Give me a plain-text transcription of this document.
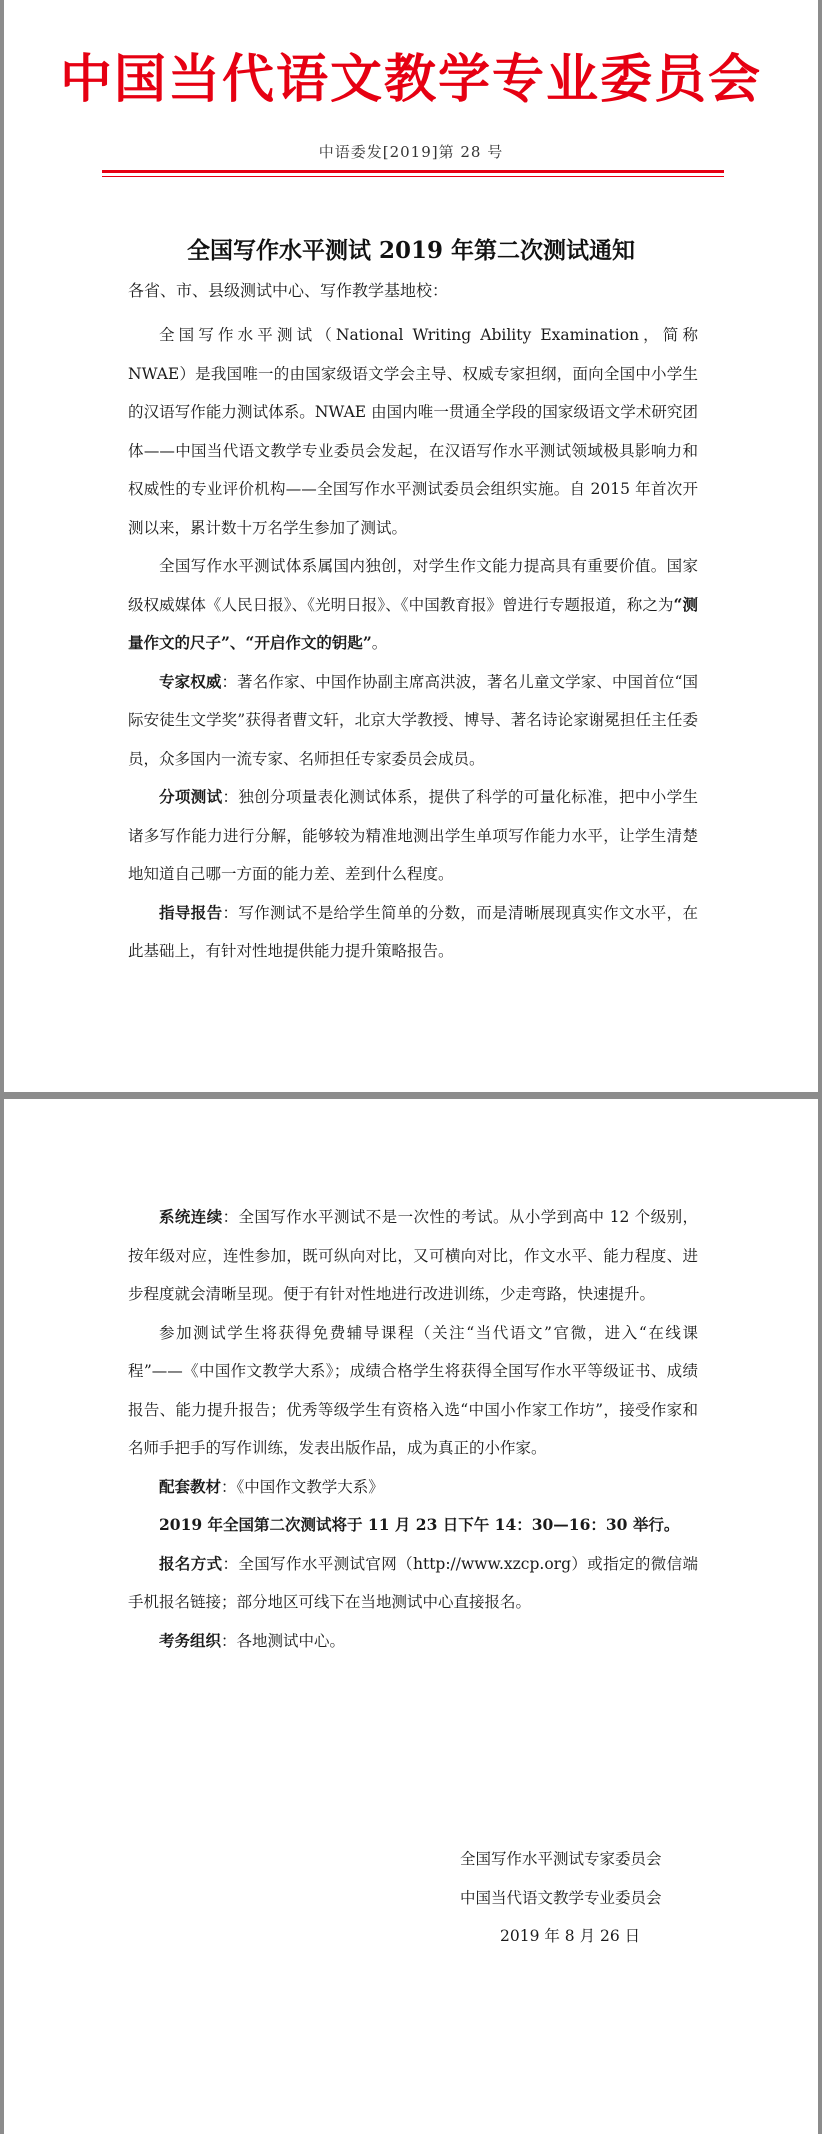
中国当代语文教学专业委员会
中语委发[2019]第 28 号
全国写作水平测试 2019 年第二次测试通知
各省、市、县级测试中心、写作教学基地校：

全国写作水平测试（National Writing Ability Examination，简称 NWAE）是我国唯一的由国家级语文学会主导、权威专家担纲，面向全国中小学生的汉语写作能力测试体系。NWAE 由国内唯一贯通全学段的国家级语文学术研究团体——中国当代语文教学专业委员会发起，在汉语写作水平测试领域极具影响力和权威性的专业评价机构——全国写作水平测试委员会组织实施。自 2015 年首次开测以来，累计数十万名学生参加了测试。

全国写作水平测试体系属国内独创，对学生作文能力提高具有重要价值。国家级权威媒体《人民日报》、《光明日报》、《中国教育报》曾进行专题报道，称之为“测量作文的尺子”、“开启作文的钥匙”。

专家权威：著名作家、中国作协副主席高洪波，著名儿童文学家、中国首位“国际安徒生文学奖”获得者曹文轩，北京大学教授、博导、著名诗论家谢冕担任主任委员，众多国内一流专家、名师担任专家委员会成员。

分项测试：独创分项量表化测试体系，提供了科学的可量化标准，把中小学生诸多写作能力进行分解，能够较为精准地测出学生单项写作能力水平，让学生清楚地知道自己哪一方面的能力差、差到什么程度。

指导报告：写作测试不是给学生简单的分数，而是清晰展现真实作文水平，在此基础上，有针对性地提供能力提升策略报告。

系统连续：全国写作水平测试不是一次性的考试。从小学到高中 12 个级别，按年级对应，连性参加，既可纵向对比，又可横向对比，作文水平、能力程度、进步程度就会清晰呈现。便于有针对性地进行改进训练，少走弯路，快速提升。

参加测试学生将获得免费辅导课程（关注“当代语文”官微，进入“在线课程”——《中国作文教学大系》；成绩合格学生将获得全国写作水平等级证书、成绩报告、能力提升报告；优秀等级学生有资格入选“中国小作家工作坊”，接受作家和名师手把手的写作训练，发表出版作品，成为真正的小作家。

配套教材：《中国作文教学大系》

2019 年全国第二次测试将于 11 月 23 日下午 14：30—16：30 举行。

报名方式：全国写作水平测试官网（http://www.xzcp.org）或指定的微信端手机报名链接；部分地区可线下在当地测试中心直接报名。

考务组织：各地测试中心。

全国写作水平测试专家委员会
中国当代语文教学专业委员会
2019 年 8 月 26 日
